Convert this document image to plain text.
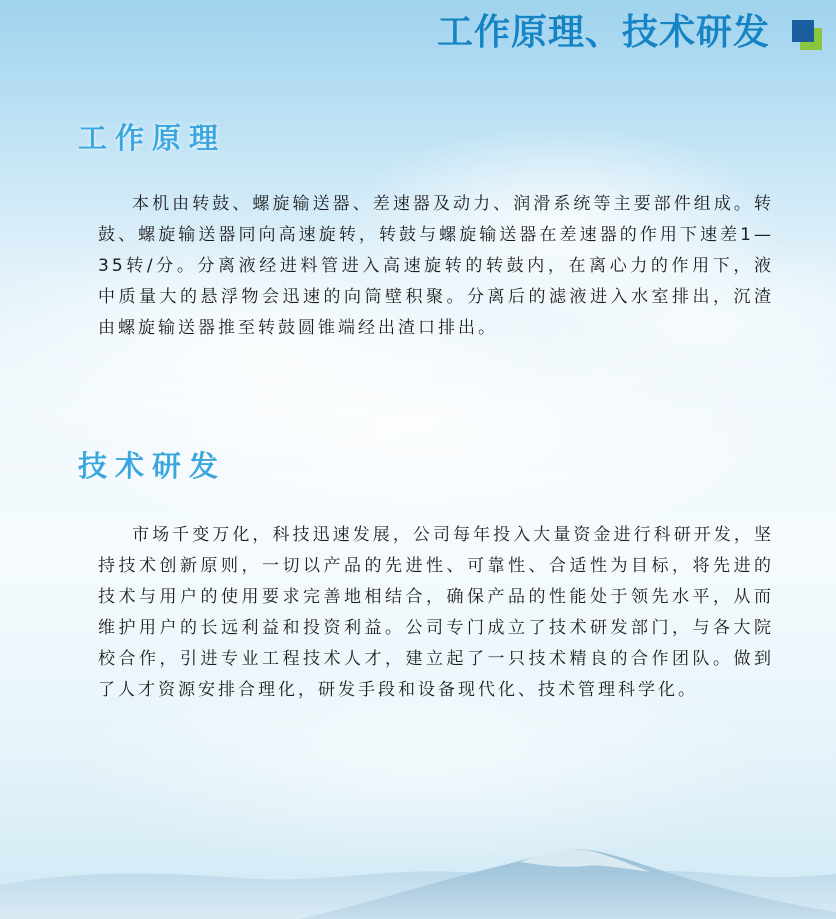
工作原理、技术研发
工作原理

本机由转鼓、螺旋输送器、差速器及动力、润滑系统等主要部件组成。转鼓、螺旋输送器同向高速旋转，转鼓与螺旋输送器在差速器的作用下速差1—35转/分。分离液经进料管进入高速旋转的转鼓内，在离心力的作用下，液中质量大的悬浮物会迅速的向筒壁积聚。分离后的滤液进入水室排出，沉渣由螺旋输送器推至转鼓圆锥端经出渣口排出。

技术研发

市场千变万化，科技迅速发展，公司每年投入大量资金进行科研开发，坚持技术创新原则，一切以产品的先进性、可靠性、合适性为目标，将先进的技术与用户的使用要求完善地相结合，确保产品的性能处于领先水平，从而维护用户的长远利益和投资利益。公司专门成立了技术研发部门，与各大院校合作，引进专业工程技术人才，建立起了一只技术精良的合作团队。做到了人才资源安排合理化，研发手段和设备现代化、技术管理科学化。
